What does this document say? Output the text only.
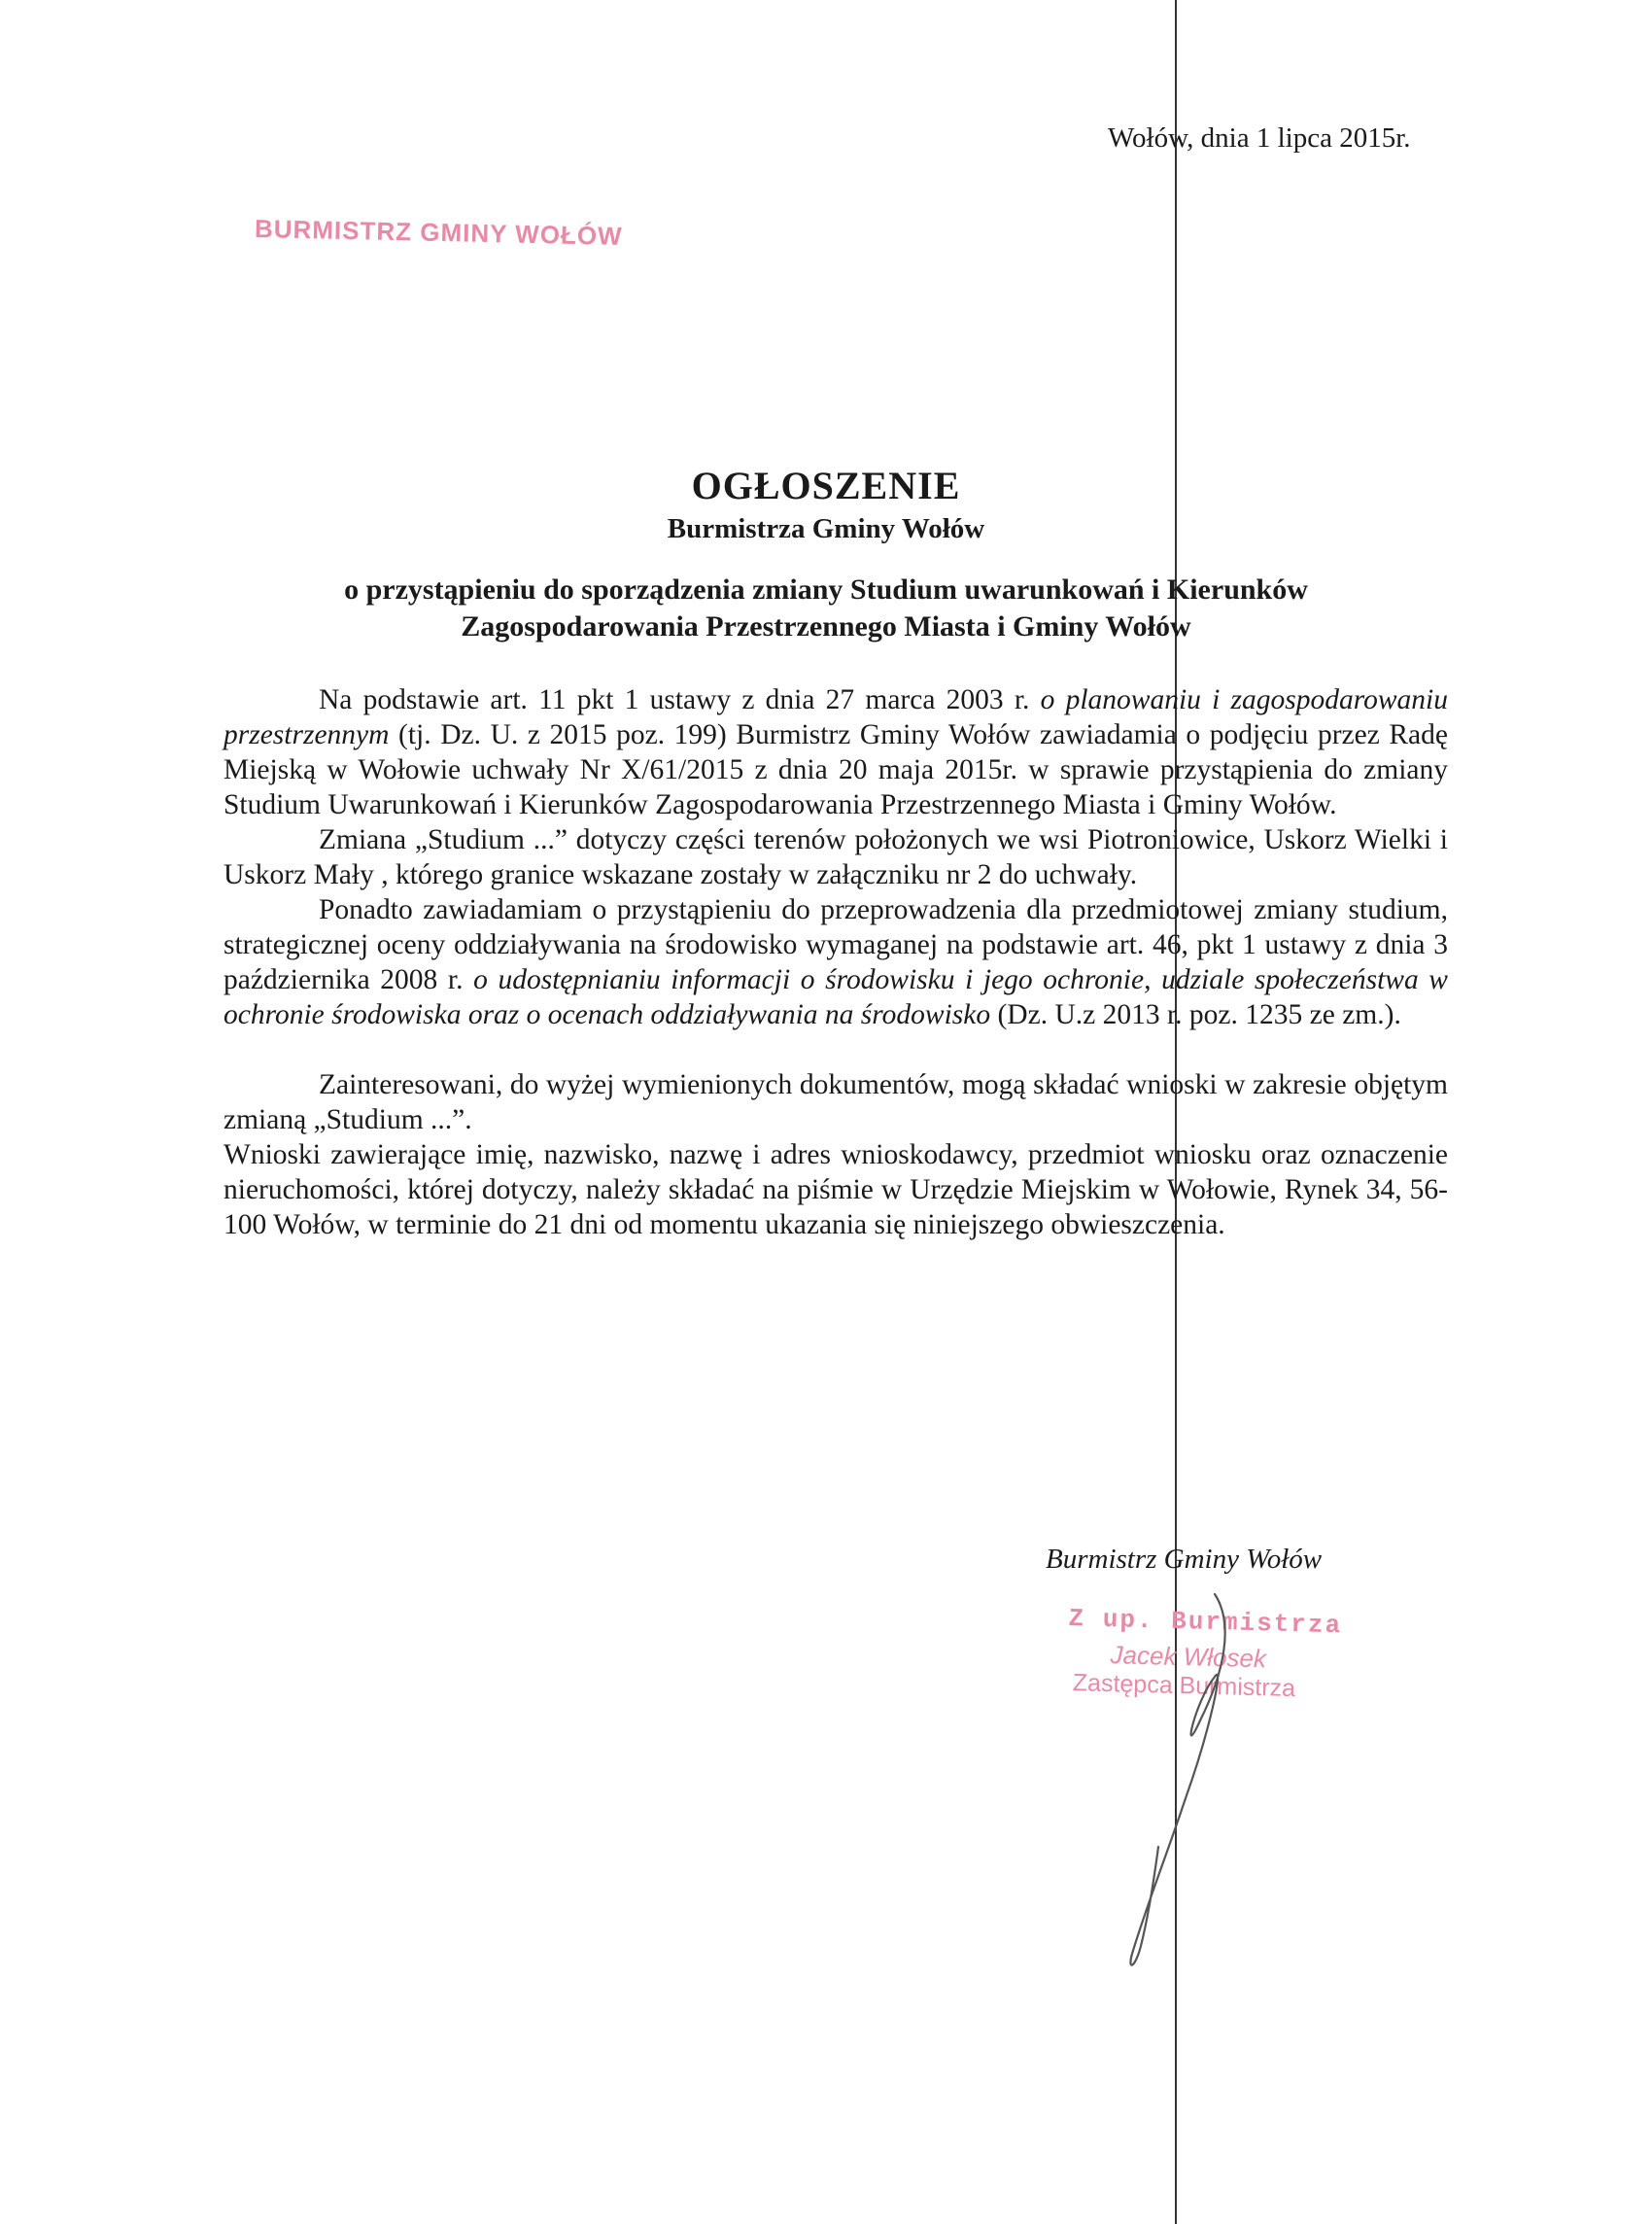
Wołów, dnia 1 lipca 2015r.
BURMISTRZ GMINY WOŁÓW
OGŁOSZENIE
Burmistrza Gminy Wołów
o przystąpieniu do sporządzenia zmiany Studium uwarunkowań i Kierunków
Zagospodarowania Przestrzennego Miasta i Gminy Wołów

Na podstawie art. 11 pkt 1 ustawy z dnia 27 marca 2003 r. o planowaniu i zagospodarowaniu przestrzennym (tj. Dz. U. z 2015 poz. 199) Burmistrz Gminy Wołów zawiadamia o podjęciu przez Radę Miejską w Wołowie uchwały Nr X/61/2015 z dnia 20 maja 2015r. w sprawie przystąpienia do zmiany Studium Uwarunkowań i Kierunków Zagospodarowania Przestrzennego Miasta i Gminy Wołów.

Zmiana „Studium ...” dotyczy części terenów położonych we wsi Piotroniowice, Uskorz Wielki i Uskorz Mały , którego granice wskazane zostały w załączniku nr 2 do uchwały.

Ponadto zawiadamiam o przystąpieniu do przeprowadzenia dla przedmiotowej zmiany studium, strategicznej oceny oddziaływania na środowisko wymaganej na podstawie art. 46, pkt 1 ustawy z dnia 3 października 2008 r. o udostępnianiu informacji o środowisku i jego ochronie, udziale społeczeństwa w ochronie środowiska oraz o ocenach oddziaływania na środowisko (Dz. U.z 2013 r. poz. 1235 ze zm.).

Zainteresowani, do wyżej wymienionych dokumentów, mogą składać wnioski w zakresie objętym zmianą „Studium ...”.

Wnioski zawierające imię, nazwisko, nazwę i adres wnioskodawcy, przedmiot wniosku oraz oznaczenie nieruchomości, której dotyczy, należy składać na piśmie w Urzędzie Miejskim w Wołowie, Rynek 34, 56-100 Wołów, w terminie do 21 dni od momentu ukazania się niniejszego obwieszczenia.

Burmistrz Gminy Wołów
Z up. Burmistrza
Jacek Włosek
Zastępca Burmistrza
